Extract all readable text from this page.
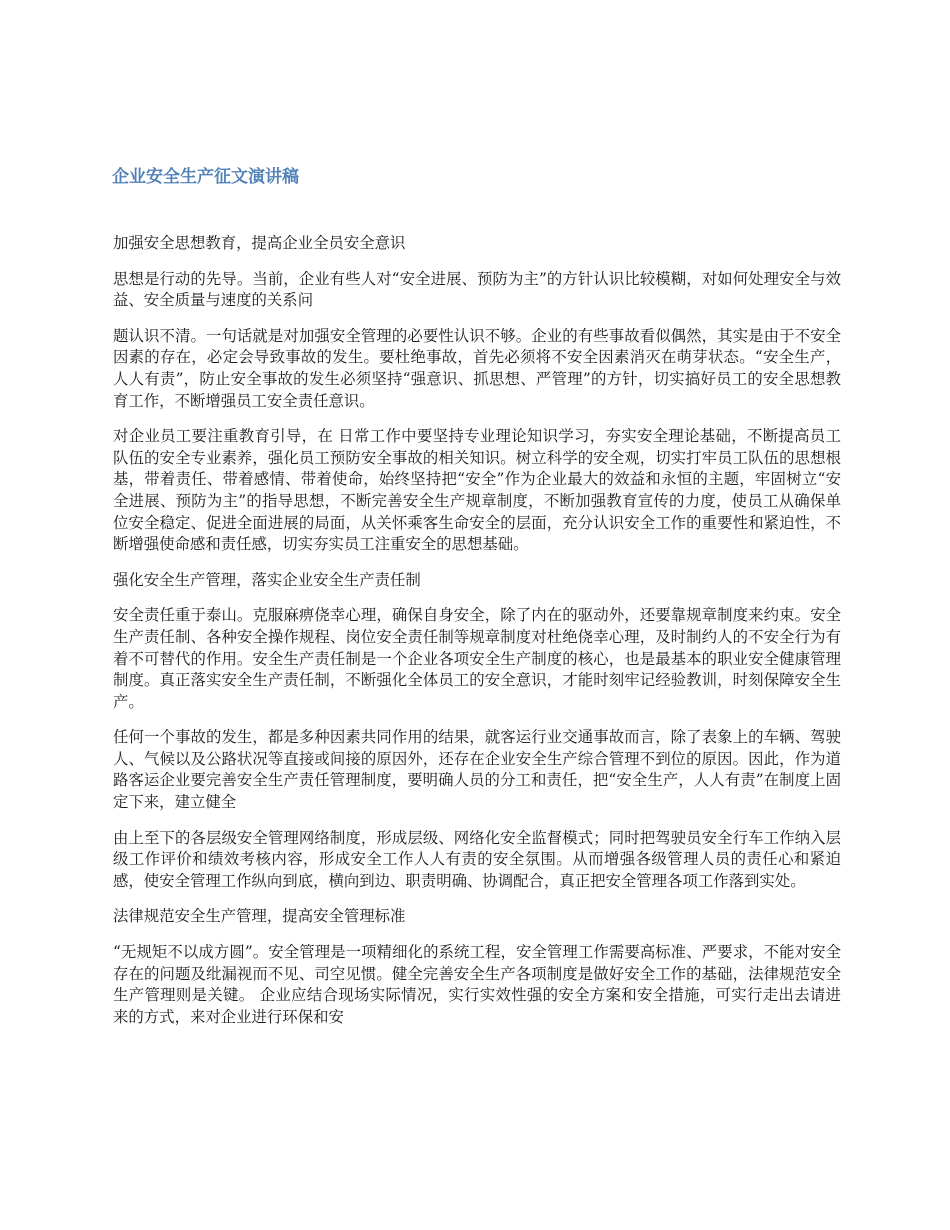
企业安全生产征文演讲稿

加强安全思想教育，提高企业全员安全意识

思想是行动的先导。当前，企业有些人对“安全进展、预防为主”的方针认识比较模糊，对如何处理安全与效益、安全质量与速度的关系问

题认识不清。一句话就是对加强安全管理的必要性认识不够。企业的有些事故看似偶然，其实是由于不安全因素的存在，必定会导致事故的发生。要杜绝事故，首先必须将不安全因素消灭在萌芽状态。“安全生产，人人有责”，防止安全事故的发生必须坚持“强意识、抓思想、严管理”的方针，切实搞好员工的安全思想教育工作，不断增强员工安全责任意识。

对企业员工要注重教育引导，在 日常工作中要坚持专业理论知识学习，夯实安全理论基础，不断提高员工队伍的安全专业素养，强化员工预防安全事故的相关知识。树立科学的安全观，切实打牢员工队伍的思想根基，带着责任、带着感情、带着使命，始终坚持把“安全”作为企业最大的效益和永恒的主题，牢固树立“安全进展、预防为主”的指导思想，不断完善安全生产规章制度，不断加强教育宣传的力度，使员工从确保单位安全稳定、促进全面进展的局面，从关怀乘客生命安全的层面，充分认识安全工作的重要性和紧迫性，不断增强使命感和责任感，切实夯实员工注重安全的思想基础。

强化安全生产管理，落实企业安全生产责任制

安全责任重于泰山。克服麻痹侥幸心理，确保自身安全，除了内在的驱动外，还要靠规章制度来约束。安全生产责任制、各种安全操作规程、岗位安全责任制等规章制度对杜绝侥幸心理，及时制约人的不安全行为有着不可替代的作用。安全生产责任制是一个企业各项安全生产制度的核心，也是最基本的职业安全健康管理制度。真正落实安全生产责任制，不断强化全体员工的安全意识，才能时刻牢记经验教训，时刻保障安全生产。

任何一个事故的发生，都是多种因素共同作用的结果，就客运行业交通事故而言，除了表象上的车辆、驾驶人、气候以及公路状况等直接或间接的原因外，还存在企业安全生产综合管理不到位的原因。因此，作为道路客运企业要完善安全生产责任管理制度，要明确人员的分工和责任，把“安全生产，人人有责”在制度上固定下来，建立健全

由上至下的各层级安全管理网络制度，形成层级、网络化安全监督模式；同时把驾驶员安全行车工作纳入层级工作评价和绩效考核内容，形成安全工作人人有责的安全氛围。从而增强各级管理人员的责任心和紧迫感，使安全管理工作纵向到底，横向到边、职责明确、协调配合，真正把安全管理各项工作落到实处。

法律规范安全生产管理，提高安全管理标准

“无规矩不以成方圆”。安全管理是一项精细化的系统工程，安全管理工作需要高标准、严要求，不能对安全存在的问题及纰漏视而不见、司空见惯。健全完善安全生产各项制度是做好安全工作的基础，法律规范安全生产管理则是关键。 企业应结合现场实际情况，实行实效性强的安全方案和安全措施，可实行走出去请进来的方式，来对企业进行环保和安
